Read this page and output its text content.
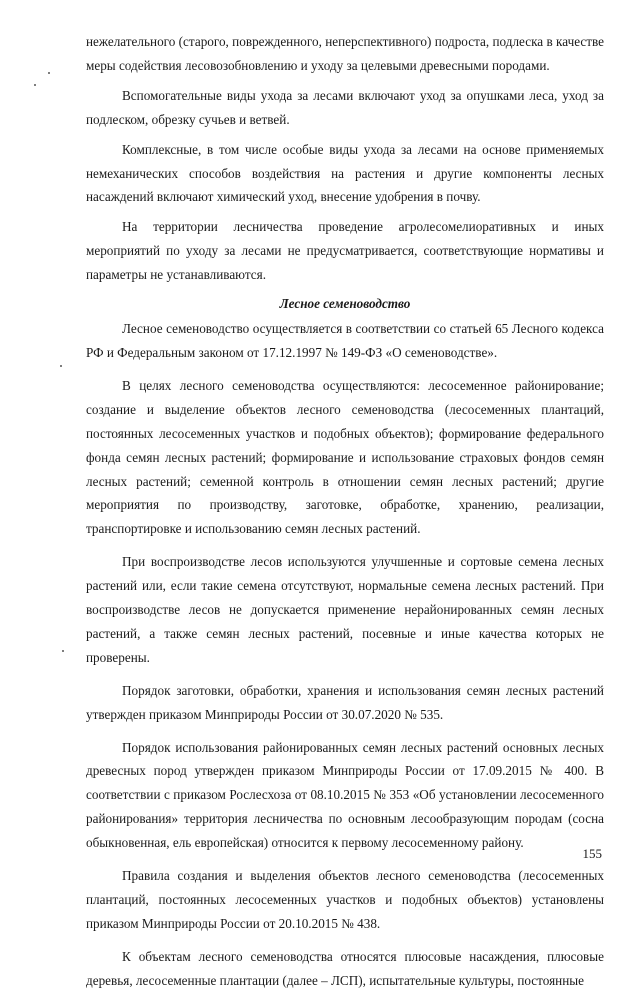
нежелательного (старого, поврежденного, неперспективного) подроста, подлеска в качестве меры содействия лесовозобновлению и уходу за целевыми древесными породами.

Вспомогательные виды ухода за лесами включают уход за опушками леса, уход за подлеском, обрезку сучьев и ветвей.

Комплексные, в том числе особые виды ухода за лесами на основе применяемых немеханических способов воздействия на растения и другие компоненты лесных насаждений включают химический уход, внесение удобрения в почву.

На территории лесничества проведение агролесомелиоративных и иных мероприятий по уходу за лесами не предусматривается, соответствующие нормативы и параметры не устанавливаются.

Лесное семеноводство

Лесное семеноводство осуществляется в соответствии со статьей 65 Лесного кодекса РФ и Федеральным законом от 17.12.1997 № 149-ФЗ «О семеноводстве».

В целях лесного семеноводства осуществляются: лесосеменное районирование; создание и выделение объектов лесного семеноводства (лесосеменных плантаций, постоянных лесосеменных участков и подобных объектов); формирование федерального фонда семян лесных растений; формирование и использование страховых фондов семян лесных растений; семенной контроль в отношении семян лесных растений; другие мероприятия по производству, заготовке, обработке, хранению, реализации, транспортировке и использованию семян лесных растений.

При воспроизводстве лесов используются улучшенные и сортовые семена лесных растений или, если такие семена отсутствуют, нормальные семена лесных растений. При воспроизводстве лесов не допускается применение нерайонированных семян лесных растений, а также семян лесных растений, посевные и иные качества которых не проверены.

Порядок заготовки, обработки, хранения и использования семян лесных растений утвержден приказом Минприроды России от 30.07.2020 № 535.

Порядок использования районированных семян лесных растений основных лесных древесных пород утвержден приказом Минприроды России от 17.09.2015 № 400. В соответствии с приказом Рослесхоза от 08.10.2015 № 353 «Об установлении лесосеменного районирования» территория лесничества по основным лесообразующим породам (сосна обыкновенная, ель европейская) относится к первому лесосеменному району.

Правила создания и выделения объектов лесного семеноводства (лесосеменных плантаций, постоянных лесосеменных участков и подобных объектов) установлены приказом Минприроды России от 20.10.2015 № 438.

К объектам лесного семеноводства относятся плюсовые насаждения, плюсовые деревья, лесосеменные плантации (далее – ЛСП), испытательные культуры, постоянные

155
